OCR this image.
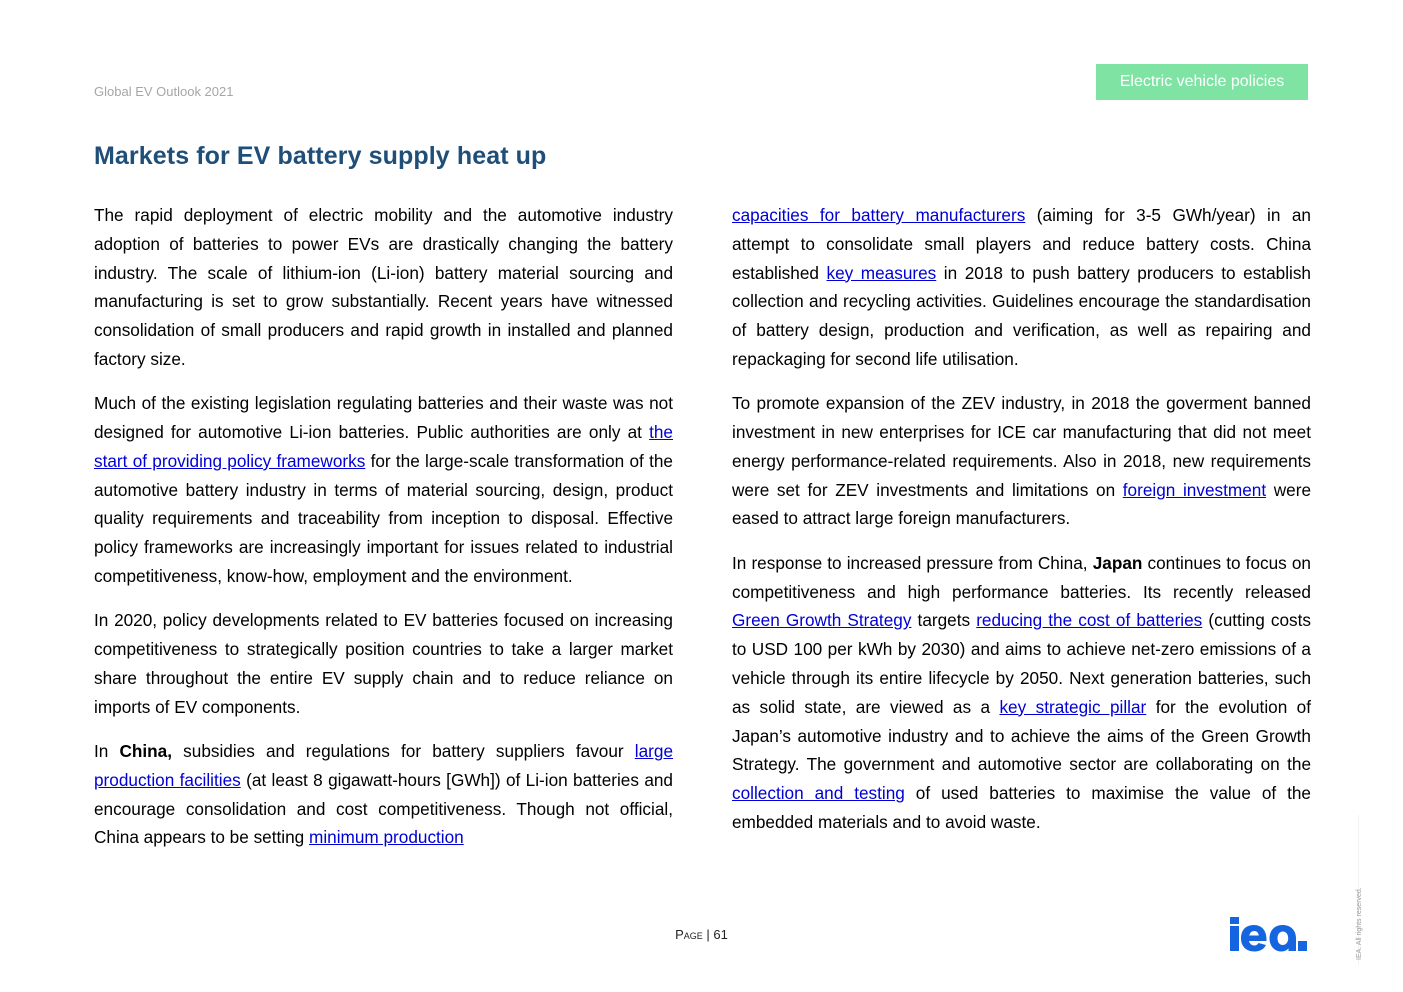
Global EV Outlook 2021
Electric vehicle policies
Markets for EV battery supply heat up

The rapid deployment of electric mobility and the automotive industry adoption of batteries to power EVs are drastically changing the battery industry. The scale of lithium-ion (Li-ion) battery material sourcing and manufacturing is set to grow substantially. Recent years have witnessed consolidation of small producers and rapid growth in installed and planned factory size.

Much of the existing legislation regulating batteries and their waste was not designed for automotive Li-ion batteries. Public authorities are only at the start of providing policy frameworks for the large-scale transformation of the automotive battery industry in terms of material sourcing, design, product quality requirements and traceability from inception to disposal. Effective policy frameworks are increasingly important for issues related to industrial competitiveness, know-how, employment and the environment.

In 2020, policy developments related to EV batteries focused on increasing competitiveness to strategically position countries to take a larger market share throughout the entire EV supply chain and to reduce reliance on imports of EV components.

In China, subsidies and regulations for battery suppliers favour large production facilities (at least 8 gigawatt-hours [GWh]) of Li-ion batteries and encourage consolidation and cost competitiveness. Though not official, China appears to be setting minimum production

capacities for battery manufacturers (aiming for 3-5 GWh/year) in an attempt to consolidate small players and reduce battery costs. China established key measures in 2018 to push battery producers to establish collection and recycling activities. Guidelines encourage the standardisation of battery design, production and verification, as well as repairing and repackaging for second life utilisation.

To promote expansion of the ZEV industry, in 2018 the goverment banned investment in new enterprises for ICE car manufacturing that did not meet energy performance-related requirements. Also in 2018, new requirements were set for ZEV investments and limitations on foreign investment were eased to attract large foreign manufacturers.

In response to increased pressure from China, Japan continues to focus on competitiveness and high performance batteries. Its recently released Green Growth Strategy targets reducing the cost of batteries (cutting costs to USD 100 per kWh by 2030) and aims to achieve net-zero emissions of a vehicle through its entire lifecycle by 2050. Next generation batteries, such as solid state, are viewed as a key strategic pillar for the evolution of Japan’s automotive industry and to achieve the aims of the Green Growth Strategy. The government and automotive sector are collaborating on the collection and testing of used batteries to maximise the value of the embedded materials and to avoid waste.

Page | 61	IEA. All rights reserved.
